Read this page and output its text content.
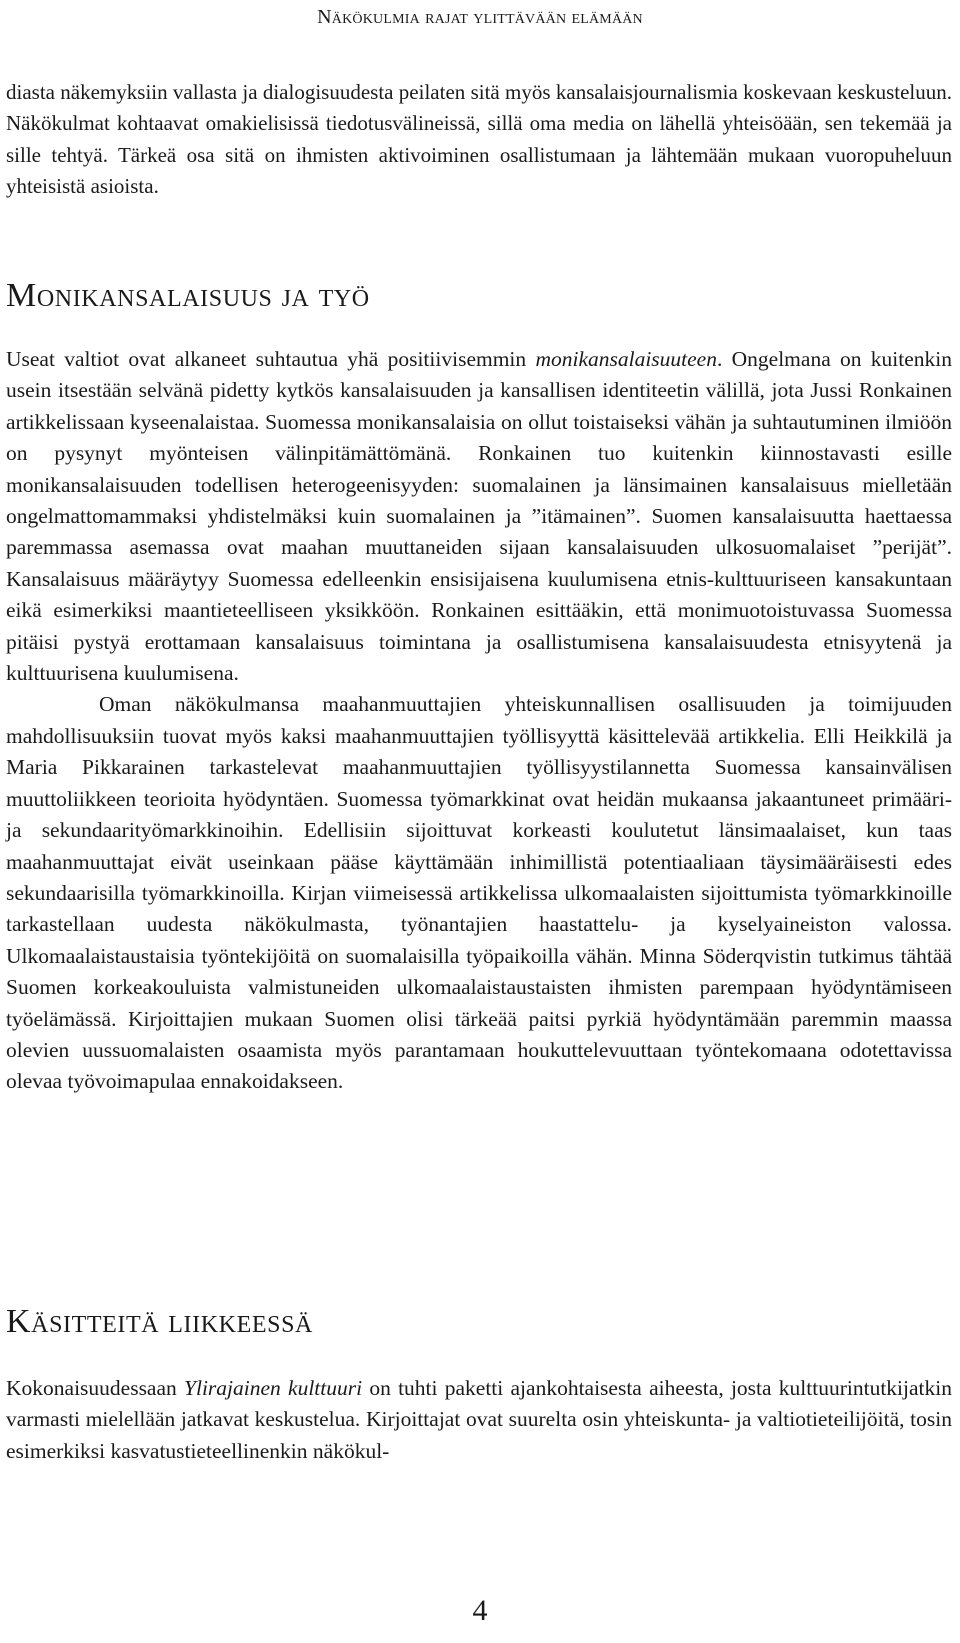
Näkökulmia rajat ylittävään elämään

diasta näkemyksiin vallasta ja dialogisuudesta peilaten sitä myös kansalaisjournalismia koskevaan keskusteluun. Näkökulmat kohtaavat omakielisissä tiedotusvälineissä, sillä oma media on lähellä yhteisöään, sen tekemää ja sille tehtyä. Tärkeä osa sitä on ihmisten aktivoiminen osallistumaan ja lähtemään mukaan vuoropuheluun yhteisistä asioista.

Monikansalaisuus ja työ

Useat valtiot ovat alkaneet suhtautua yhä positiivisemmin monikansalaisuuteen. Ongelmana on kuitenkin usein itsestään selvänä pidetty kytkös kansalaisuuden ja kansallisen identiteetin välillä, jota Jussi Ronkainen artikkelissaan kyseenalaistaa. Suomessa monikansalaisia on ollut toistaiseksi vähän ja suhtautuminen ilmiöön on pysynyt myönteisen välinpitämättömänä. Ronkainen tuo kuitenkin kiinnostavasti esille monikansalaisuuden todellisen heterogeenisyyden: suomalainen ja länsimainen kansalaisuus mielletään ongelmattomammaksi yhdistelmäksi kuin suomalainen ja ”itämainen”. Suomen kansalaisuutta haettaessa paremmassa asemassa ovat maahan muuttaneiden sijaan kansalaisuuden ulkosuomalaiset ”perijät”. Kansalaisuus määräytyy Suomessa edelleenkin ensisijaisena kuulumisena etnis-kulttuuriseen kansakuntaan eikä esimerkiksi maantieteelliseen yksikköön. Ronkainen esittääkin, että monimuotoistuvassa Suomessa pitäisi pystyä erottamaan kansalaisuus toimintana ja osallistumisena kansalaisuudesta etnisyytenä ja kulttuurisena kuulumisena.

Oman näkökulmansa maahanmuuttajien yhteiskunnallisen osallisuuden ja toimijuuden mahdollisuuksiin tuovat myös kaksi maahanmuuttajien työllisyyttä käsittelevää artikkelia. Elli Heikkilä ja Maria Pikkarainen tarkastelevat maahanmuuttajien työllisyystilannetta Suomessa kansainvälisen muuttoliikkeen teorioita hyödyntäen. Suomessa työmarkkinat ovat heidän mukaansa jakaantuneet primääri- ja sekundaarityömarkkinoihin. Edellisiin sijoittuvat korkeasti koulutetut länsimaalaiset, kun taas maahanmuuttajat eivät useinkaan pääse käyttämään inhimillistä potentiaaliaan täysimääräisesti edes sekundaarisilla työmarkkinoilla. Kirjan viimeisessä artikkelissa ulkomaalaisten sijoittumista työmarkkinoille tarkastellaan uudesta näkökulmasta, työnantajien haastattelu- ja kyselyaineiston valossa. Ulkomaalaistaustaisia työntekijöitä on suomalaisilla työpaikoilla vähän. Minna Söderqvistin tutkimus tähtää Suomen korkeakouluista valmistuneiden ulkomaalaistaustaisten ihmisten parempaan hyödyntämiseen työelämässä. Kirjoittajien mukaan Suomen olisi tärkeää paitsi pyrkiä hyödyntämään paremmin maassa olevien uussuomalaisten osaamista myös parantamaan houkuttelevuuttaan työntekomaana odotettavissa olevaa työvoimapulaa ennakoidakseen.

Käsitteitä liikkeessä

Kokonaisuudessaan Ylirajainen kulttuuri on tuhti paketti ajankohtaisesta aiheesta, josta kulttuurintutkijatkin varmasti mielellään jatkavat keskustelua. Kirjoittajat ovat suurelta osin yhteiskunta- ja valtiotieteilijöitä, tosin esimerkiksi kasvatustieteellinenkin näkökul-

4
